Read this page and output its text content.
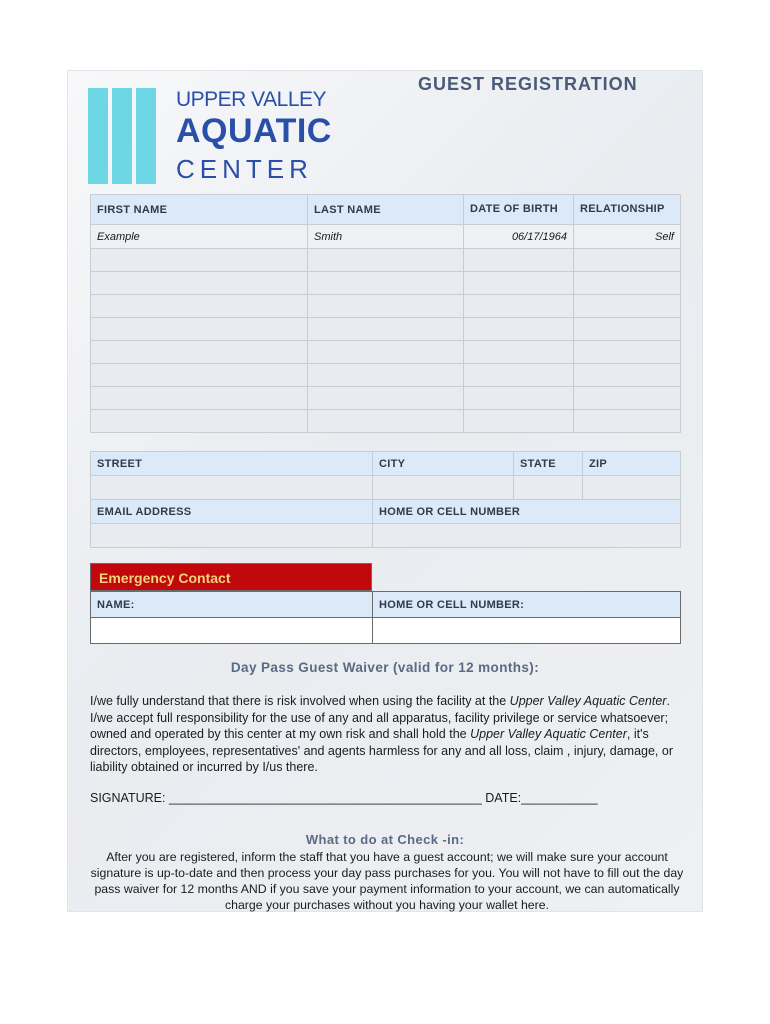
UPPER VALLEY
AQUATIC
CENTER
GUEST REGISTRATION
FIRST NAME	LAST NAME	DATE OF BIRTH	RELATIONSHIP
Example	Smith	06/17/1964	Self

STREET	CITY	STATE	ZIP

EMAIL ADDRESS	HOME OR CELL NUMBER		

Emergency Contact
NAME:	HOME OR CELL NUMBER:

Day Pass Guest Waiver (valid for 12 months):
I/we fully understand that there is risk involved when using the facility at the Upper Valley Aquatic Center. I/we accept full responsibility for the use of any and all apparatus, facility privilege or service whatsoever; owned and operated by this center at my own risk and shall hold the Upper Valley Aquatic Center, it's directors, employees, representatives' and agents harmless for any and all loss, claim , injury, damage, or liability obtained or incurred by I/us there.
SIGNATURE: _____________________________________________ DATE:___________
What to do at Check -in:
After you are registered, inform the staff that you have a guest account; we will make sure your account signature is up-to-date and then process your day pass purchases for you. You will not have to fill out the day pass waiver for 12 months AND if you save your payment information to your account, we can automatically charge your purchases without you having your wallet here.
